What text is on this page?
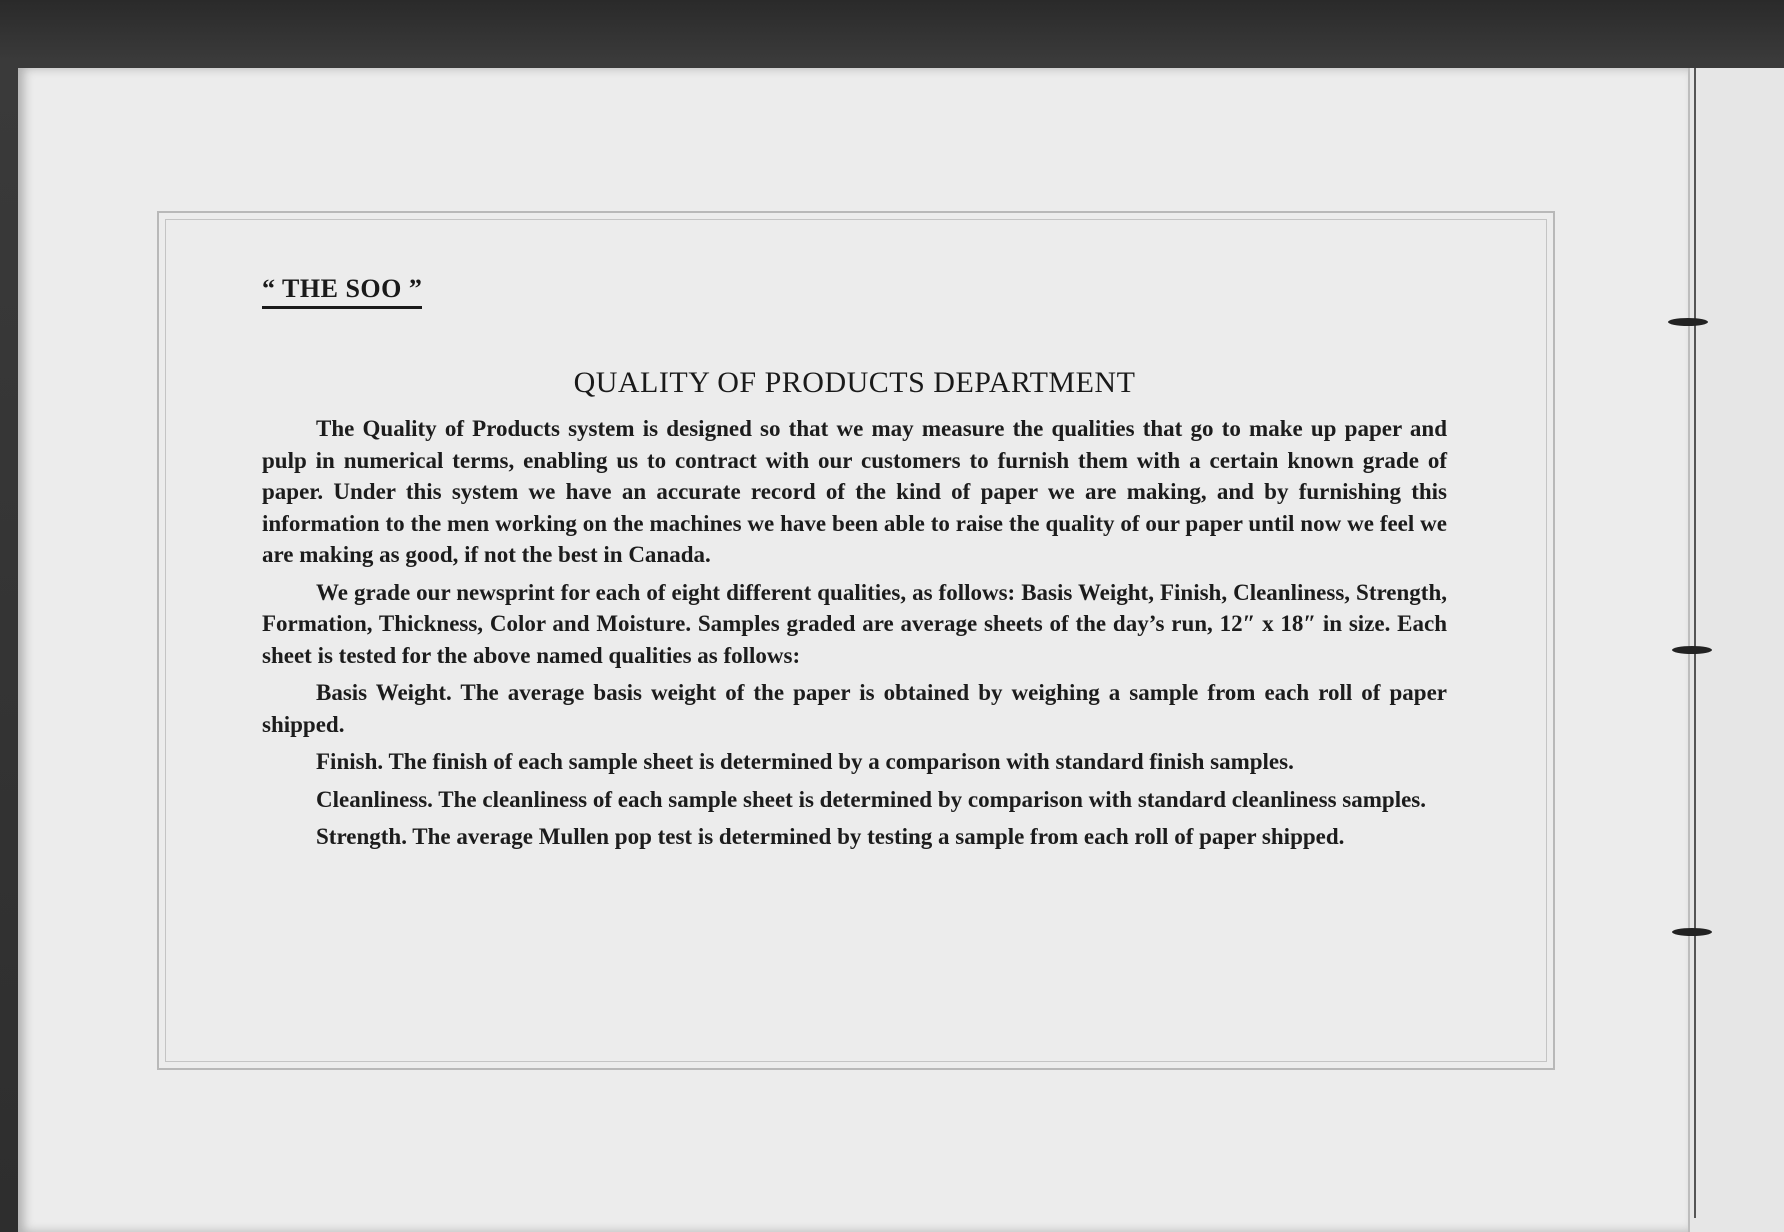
“ THE SOO ”
QUALITY OF PRODUCTS DEPARTMENT

The Quality of Products system is designed so that we may measure the qualities that go to make up paper and pulp in numerical terms, enabling us to contract with our customers to furnish them with a certain known grade of paper. Under this system we have an accurate record of the kind of paper we are making, and by furnishing this information to the men working on the machines we have been able to raise the quality of our paper until now we feel we are making as good, if not the best in Canada.

We grade our newsprint for each of eight different qualities, as follows: Basis Weight, Finish, Cleanliness, Strength, Formation, Thickness, Color and Moisture. Samples graded are average sheets of the day’s run, 12″ x 18″ in size. Each sheet is tested for the above named qualities as follows:

Basis Weight. The average basis weight of the paper is obtained by weighing a sample from each roll of paper shipped.

Finish. The finish of each sample sheet is determined by a comparison with standard finish samples.

Cleanliness. The cleanliness of each sample sheet is determined by comparison with standard cleanliness samples.

Strength. The average Mullen pop test is determined by testing a sample from each roll of paper shipped.
